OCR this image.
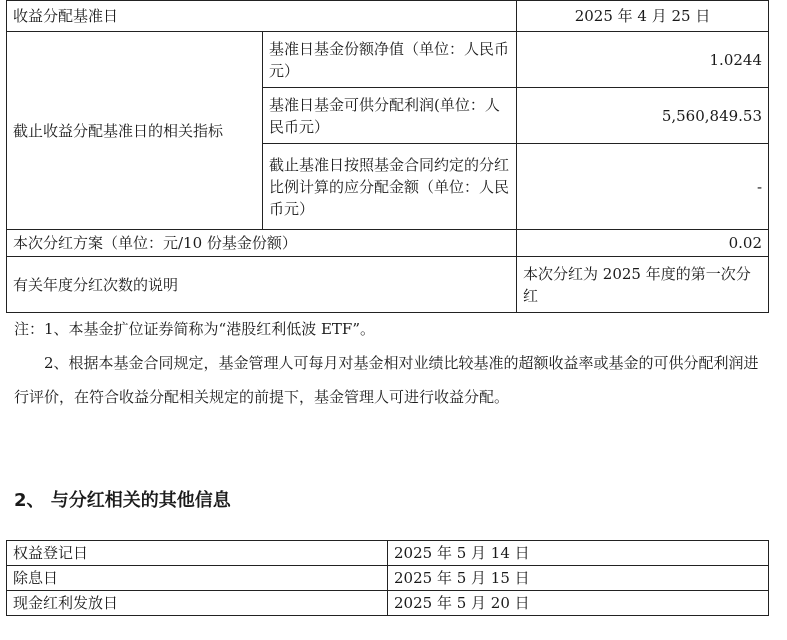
收益分配基准日		2025 年 4 月 25 日
截止收益分配基准日的相关指标	基准日基金份额净值（单位：人民币元）	1.0244
	基准日基金可供分配利润(单位：人民币元）	5,560,849.53
	截止基准日按照基金合同约定的分红比例计算的应分配金额（单位：人民币元）	-
本次分红方案（单位：元/10 份基金份额）		0.02
有关年度分红次数的说明		本次分红为 2025 年度的第一次分红
注：1、本基金扩位证券简称为“港股红利低波 ETF”。
2、根据本基金合同规定，基金管理人可每月对基金相对业绩比较基准的超额收益率或基金的可供分配利润进行评价，在符合收益分配相关规定的前提下，基金管理人可进行收益分配。
2、 与分红相关的其他信息
权益登记日	2025 年 5 月 14 日
除息日	2025 年 5 月 15 日
现金红利发放日	2025 年 5 月 20 日
